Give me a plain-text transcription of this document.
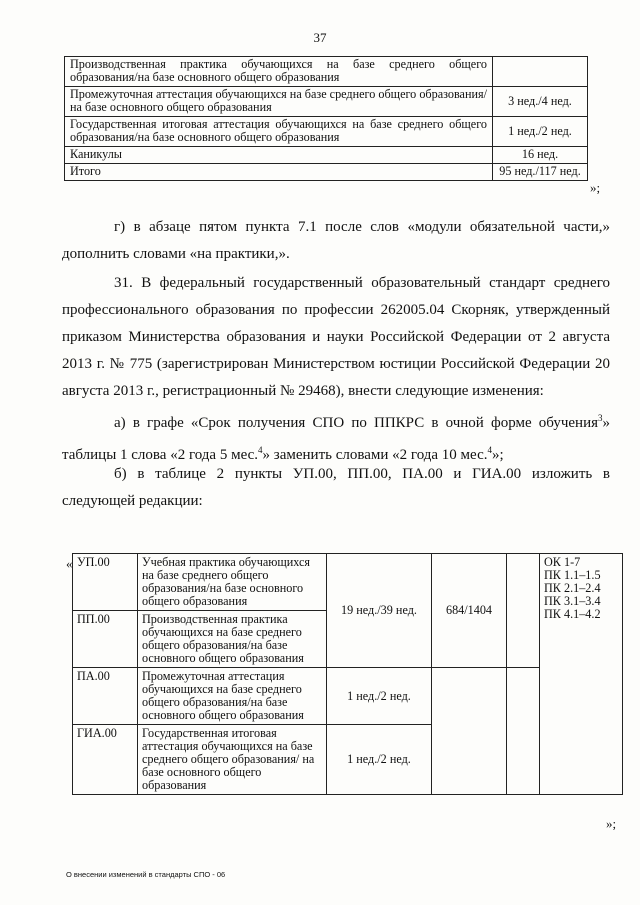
37
Производственная практика обучающихся на базе среднего общего образования/на базе основного общего образования	
Промежуточная аттестация обучающихся на базе среднего общего образования/на базе основного общего образования	3 нед./4 нед.
Государственная итоговая аттестация обучающихся на базе среднего общего образования/на базе основного общего образования	1 нед./2 нед.
Каникулы	16 нед.
Итого	95 нед./117 нед.
»;
г) в абзаце пятом пункта 7.1 после слов «модули обязательной части,» дополнить словами «на практики,».
31. В федеральный государственный образовательный стандарт среднего профессионального образования по профессии 262005.04 Скорняк, утвержденный приказом Министерства образования и науки Российской Федерации от 2 августа 2013 г. № 775 (зарегистрирован Министерством юстиции Российской Федерации 20 августа 2013 г., регистрационный № 29468), внести следующие изменения:
а) в графе «Срок получения СПО по ППКРС в очной форме обучения$^3$» таблицы 1 слова «2 года 5 мес.$^4$» заменить словами «2 года 10 мес.$^4$»;
б) в таблице 2 пункты УП.00, ПП.00, ПА.00 и ГИА.00 изложить в следующей редакции:
« УП.00	Учебная практика обучающихся на базе среднего общего образования/на базе основного общего образования	19 нед./39 нед.	684/1404		ОК 1-7
ПК 1.1–1.5
ПК 2.1–2.4
ПК 3.1–3.4
ПК 4.1–4.2

ПП.00	Производственная практика обучающихся на базе среднего общего образования/на базе основного общего образования				
ПА.00	Промежуточная аттестация обучающихся на базе среднего общего образования/на базе основного общего образования	1 нед./2 нед.			
ГИА.00	Государственная итоговая аттестация обучающихся на базе среднего общего образования/ на базе основного общего образования	1 нед./2 нед.			
»;
О внесении изменений в стандарты СПО - 06
